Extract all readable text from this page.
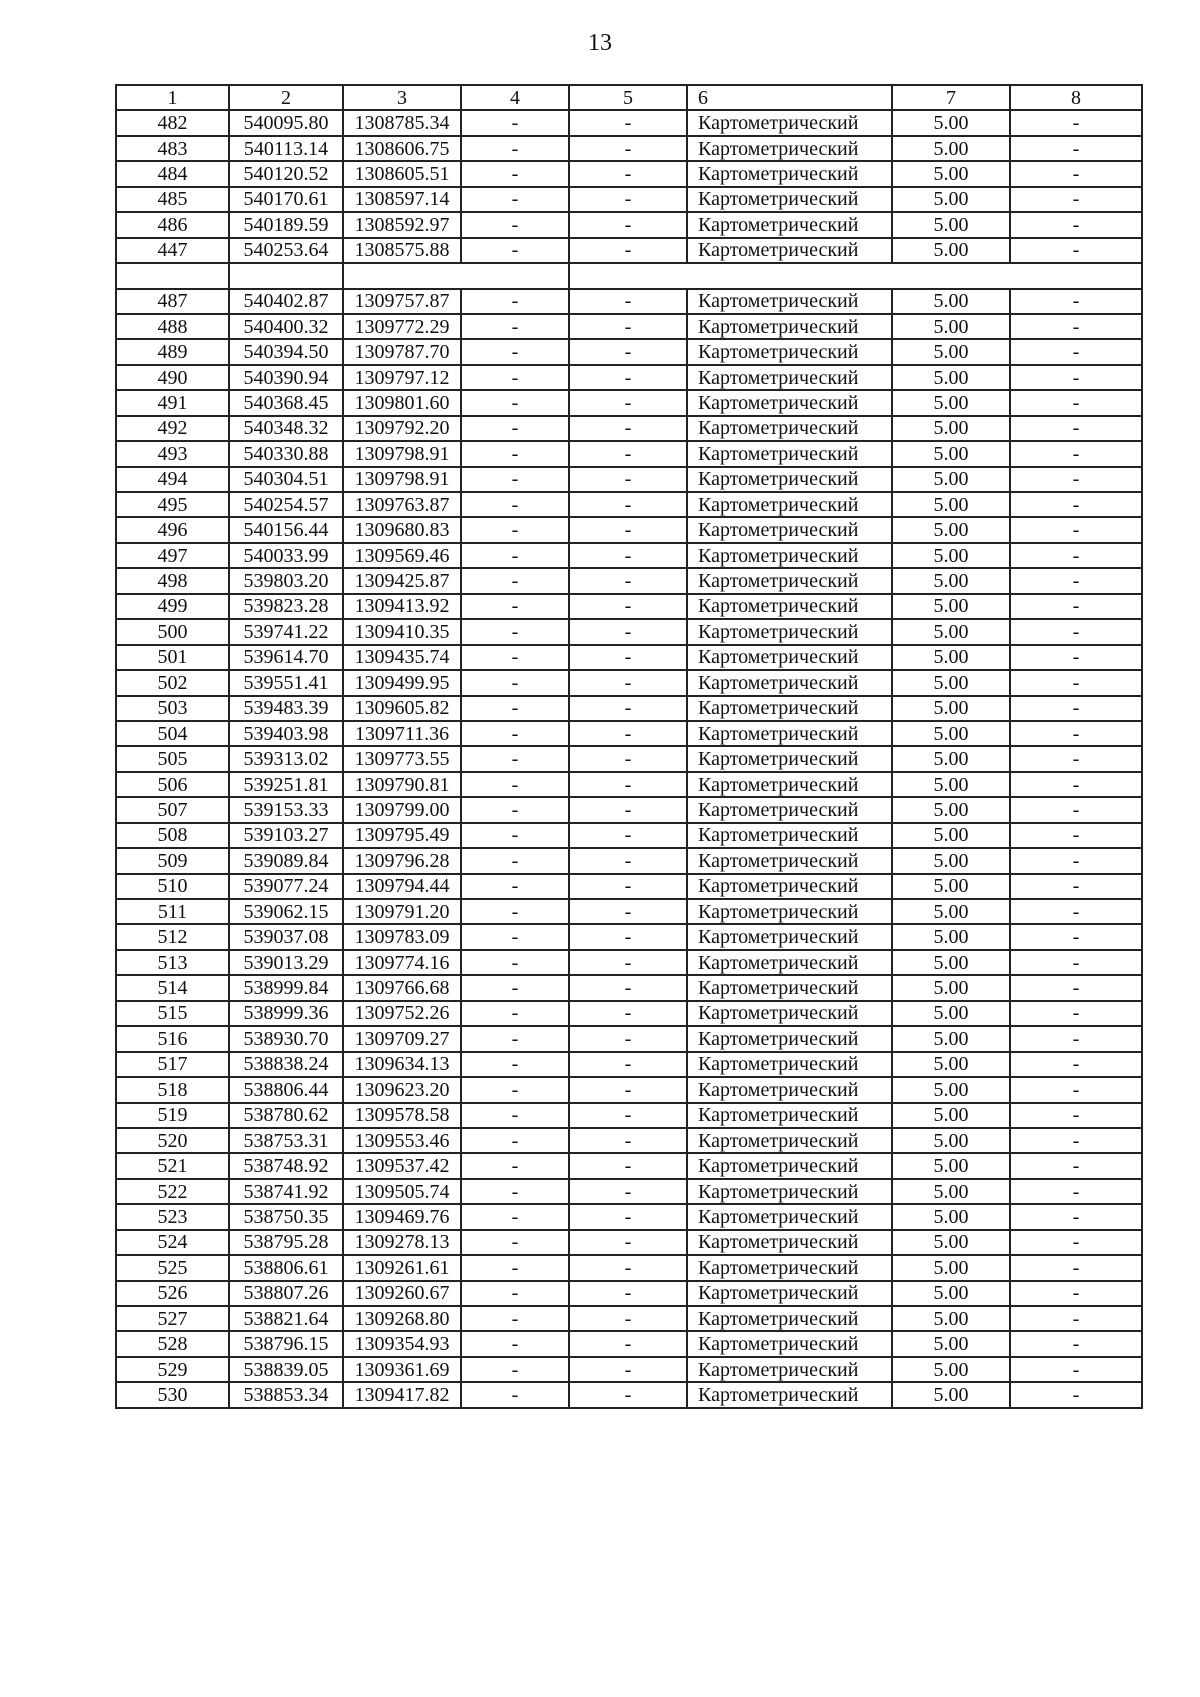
13
1	2	3	4	5	6	7	8
482	540095.80	1308785.34	-	-	Картометрический	5.00	-
483	540113.14	1308606.75	-	-	Картометрический	5.00	-
484	540120.52	1308605.51	-	-	Картометрический	5.00	-
485	540170.61	1308597.14	-	-	Картометрический	5.00	-
486	540189.59	1308592.97	-	-	Картометрический	5.00	-
447	540253.64	1308575.88	-	-	Картометрический	5.00	-

487	540402.87	1309757.87	-	-	Картометрический	5.00	-
488	540400.32	1309772.29	-	-	Картометрический	5.00	-
489	540394.50	1309787.70	-	-	Картометрический	5.00	-
490	540390.94	1309797.12	-	-	Картометрический	5.00	-
491	540368.45	1309801.60	-	-	Картометрический	5.00	-
492	540348.32	1309792.20	-	-	Картометрический	5.00	-
493	540330.88	1309798.91	-	-	Картометрический	5.00	-
494	540304.51	1309798.91	-	-	Картометрический	5.00	-
495	540254.57	1309763.87	-	-	Картометрический	5.00	-
496	540156.44	1309680.83	-	-	Картометрический	5.00	-
497	540033.99	1309569.46	-	-	Картометрический	5.00	-
498	539803.20	1309425.87	-	-	Картометрический	5.00	-
499	539823.28	1309413.92	-	-	Картометрический	5.00	-
500	539741.22	1309410.35	-	-	Картометрический	5.00	-
501	539614.70	1309435.74	-	-	Картометрический	5.00	-
502	539551.41	1309499.95	-	-	Картометрический	5.00	-
503	539483.39	1309605.82	-	-	Картометрический	5.00	-
504	539403.98	1309711.36	-	-	Картометрический	5.00	-
505	539313.02	1309773.55	-	-	Картометрический	5.00	-
506	539251.81	1309790.81	-	-	Картометрический	5.00	-
507	539153.33	1309799.00	-	-	Картометрический	5.00	-
508	539103.27	1309795.49	-	-	Картометрический	5.00	-
509	539089.84	1309796.28	-	-	Картометрический	5.00	-
510	539077.24	1309794.44	-	-	Картометрический	5.00	-
511	539062.15	1309791.20	-	-	Картометрический	5.00	-
512	539037.08	1309783.09	-	-	Картометрический	5.00	-
513	539013.29	1309774.16	-	-	Картометрический	5.00	-
514	538999.84	1309766.68	-	-	Картометрический	5.00	-
515	538999.36	1309752.26	-	-	Картометрический	5.00	-
516	538930.70	1309709.27	-	-	Картометрический	5.00	-
517	538838.24	1309634.13	-	-	Картометрический	5.00	-
518	538806.44	1309623.20	-	-	Картометрический	5.00	-
519	538780.62	1309578.58	-	-	Картометрический	5.00	-
520	538753.31	1309553.46	-	-	Картометрический	5.00	-
521	538748.92	1309537.42	-	-	Картометрический	5.00	-
522	538741.92	1309505.74	-	-	Картометрический	5.00	-
523	538750.35	1309469.76	-	-	Картометрический	5.00	-
524	538795.28	1309278.13	-	-	Картометрический	5.00	-
525	538806.61	1309261.61	-	-	Картометрический	5.00	-
526	538807.26	1309260.67	-	-	Картометрический	5.00	-
527	538821.64	1309268.80	-	-	Картометрический	5.00	-
528	538796.15	1309354.93	-	-	Картометрический	5.00	-
529	538839.05	1309361.69	-	-	Картометрический	5.00	-
530	538853.34	1309417.82	-	-	Картометрический	5.00	-
